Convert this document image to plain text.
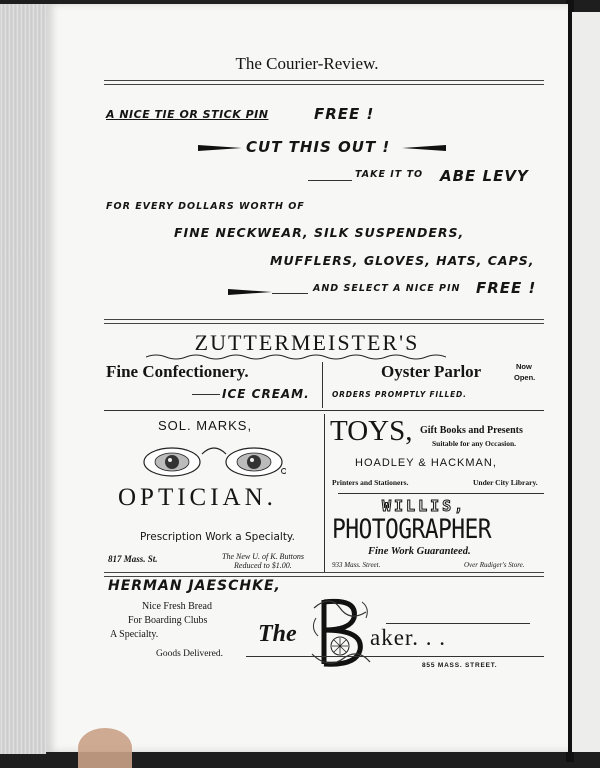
The Courier-Review.
A NICE TIE OR STICK PIN	FREE !
CUT THIS OUT !
TAKE IT TO ABE LEVY
FOR EVERY DOLLARS WORTH OF
FINE NECKWEAR, SILK SUSPENDERS,
MUFFLERS, GLOVES, HATS, CAPS,
AND SELECT A NICE PIN FREE !
ZUTTERMEISTER'S
Fine Confectionery.
ICE CREAM.
Oyster Parlor	Now
Open.
ORDERS PROMPTLY FILLED.
SOL. MARKS,
OPTICIAN.
Prescription Work a Specialty.
817 Mass. St.	The New U. of K. Buttons
Reduced to $1.00.
TOYS, Gift Books and Presents
Suitable for any Occasion.
HOADLEY & HACKMAN,
Printers and Stationers.	Under City Library.
WILLIS,
PHOTOGRAPHER
Fine Work Guaranteed.
933 Mass. Street.	Over Rudiger's Store.
HERMAN JAESCHKE,
Nice Fresh Bread
For Boarding Clubs
A Specialty.
Goods Delivered.
The	aker. . .
855 MASS. STREET.
